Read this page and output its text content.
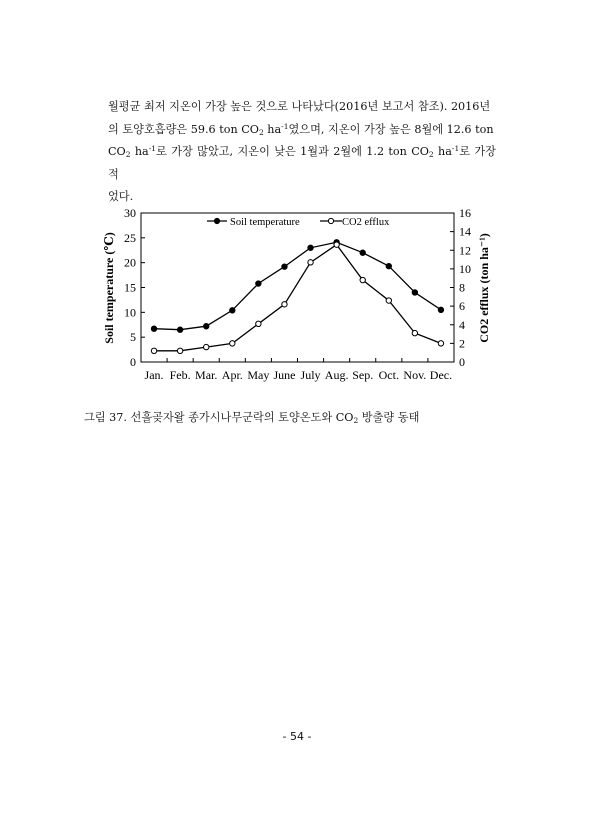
월평균 최저 지온이 가장 높은 것으로 나타났다(2016년 보고서 참조). 2016년
의 토양호흡량은 59.6 ton $CO_2$ $ha^{-1}$였으며, 지온이 가장 높은 8월에 12.6 ton
$CO_2$ $ha^{-1}$로 가장 많았고, 지온이 낮은 1월과 2월에 1.2 ton $CO_2$ $ha^{-1}$로 가장 적
었다.
0
5
10
15
20
25
30
0
2
4
6
8
10
12
14
16
Jan. Feb. Mar. Apr. May June July Aug. Sep. Oct. Nov. Dec.
Soil temperature	CO2 efflux
Soil temperature (℃)	CO2 efflux (ton ha⁻¹)
그림 37. 선흘곶자왈 종가시나무군락의 토양온도와 $CO_2$ 방출량 동태
- 54 -
